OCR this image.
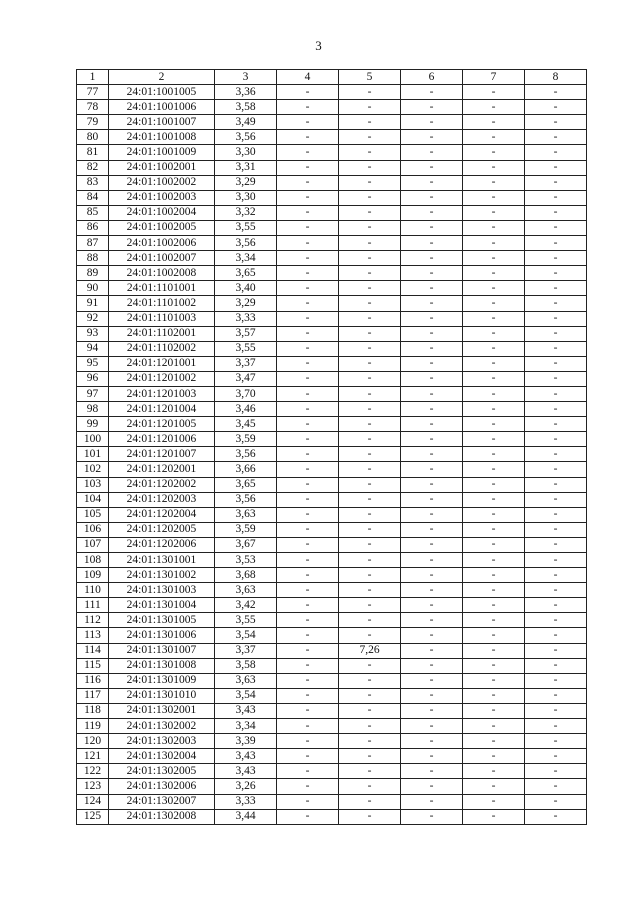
3
1	2	3	4	5	6	7	8
77	24:01:1001005	3,36	-	-	-	-	-
78	24:01:1001006	3,58	-	-	-	-	-
79	24:01:1001007	3,49	-	-	-	-	-
80	24:01:1001008	3,56	-	-	-	-	-
81	24:01:1001009	3,30	-	-	-	-	-
82	24:01:1002001	3,31	-	-	-	-	-
83	24:01:1002002	3,29	-	-	-	-	-
84	24:01:1002003	3,30	-	-	-	-	-
85	24:01:1002004	3,32	-	-	-	-	-
86	24:01:1002005	3,55	-	-	-	-	-
87	24:01:1002006	3,56	-	-	-	-	-
88	24:01:1002007	3,34	-	-	-	-	-
89	24:01:1002008	3,65	-	-	-	-	-
90	24:01:1101001	3,40	-	-	-	-	-
91	24:01:1101002	3,29	-	-	-	-	-
92	24:01:1101003	3,33	-	-	-	-	-
93	24:01:1102001	3,57	-	-	-	-	-
94	24:01:1102002	3,55	-	-	-	-	-
95	24:01:1201001	3,37	-	-	-	-	-
96	24:01:1201002	3,47	-	-	-	-	-
97	24:01:1201003	3,70	-	-	-	-	-
98	24:01:1201004	3,46	-	-	-	-	-
99	24:01:1201005	3,45	-	-	-	-	-
100	24:01:1201006	3,59	-	-	-	-	-
101	24:01:1201007	3,56	-	-	-	-	-
102	24:01:1202001	3,66	-	-	-	-	-
103	24:01:1202002	3,65	-	-	-	-	-
104	24:01:1202003	3,56	-	-	-	-	-
105	24:01:1202004	3,63	-	-	-	-	-
106	24:01:1202005	3,59	-	-	-	-	-
107	24:01:1202006	3,67	-	-	-	-	-
108	24:01:1301001	3,53	-	-	-	-	-
109	24:01:1301002	3,68	-	-	-	-	-
110	24:01:1301003	3,63	-	-	-	-	-
111	24:01:1301004	3,42	-	-	-	-	-
112	24:01:1301005	3,55	-	-	-	-	-
113	24:01:1301006	3,54	-	-	-	-	-
114	24:01:1301007	3,37	-	7,26	-	-	-
115	24:01:1301008	3,58	-	-	-	-	-
116	24:01:1301009	3,63	-	-	-	-	-
117	24:01:1301010	3,54	-	-	-	-	-
118	24:01:1302001	3,43	-	-	-	-	-
119	24:01:1302002	3,34	-	-	-	-	-
120	24:01:1302003	3,39	-	-	-	-	-
121	24:01:1302004	3,43	-	-	-	-	-
122	24:01:1302005	3,43	-	-	-	-	-
123	24:01:1302006	3,26	-	-	-	-	-
124	24:01:1302007	3,33	-	-	-	-	-
125	24:01:1302008	3,44	-	-	-	-	-
